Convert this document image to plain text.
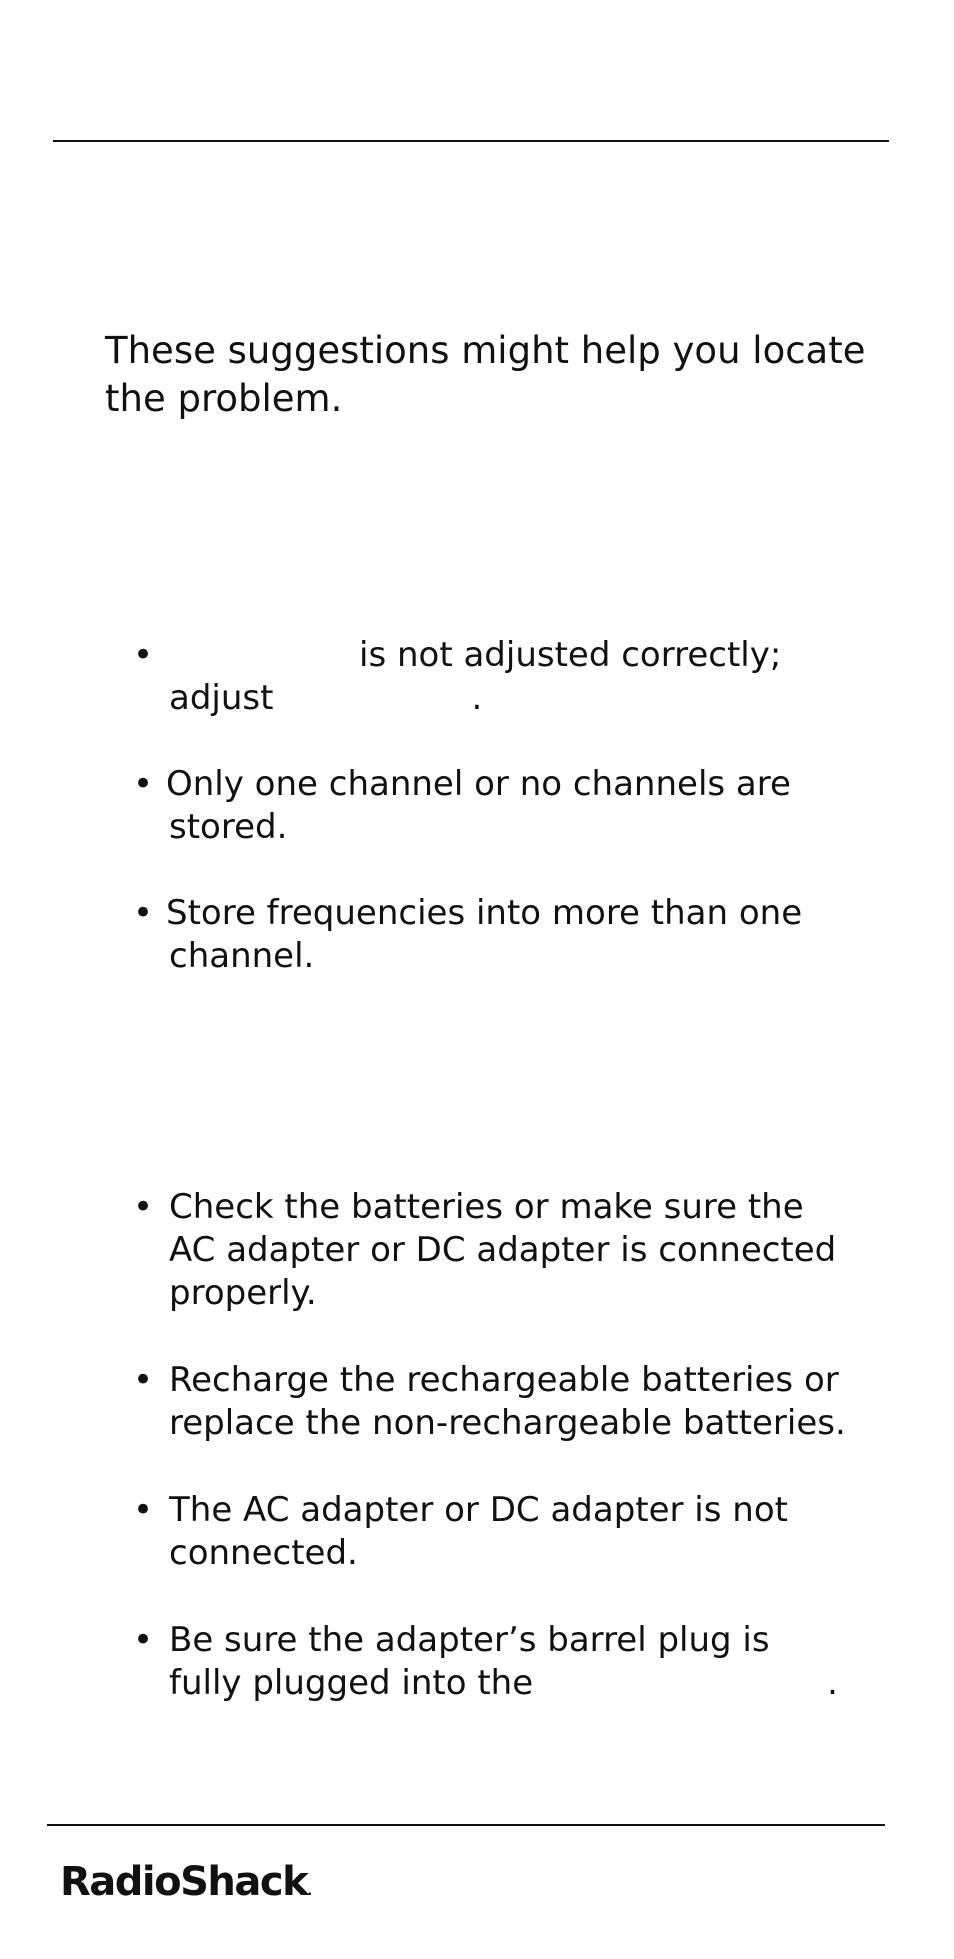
These suggestions might help you locate
the problem.

•	is not adjusted correctly;
adjust	.
• Only one channel or no channels are
stored.
• Store frequencies into more than one
channel.
• Check the batteries or make sure the
AC adapter or DC adapter is connected
properly.
• Recharge the rechargeable batteries or
replace the non-rechargeable batteries.
• The AC adapter or DC adapter is not
connected.
• Be sure the adapter’s barrel plug is
fully plugged into the	.

RadioShack.
